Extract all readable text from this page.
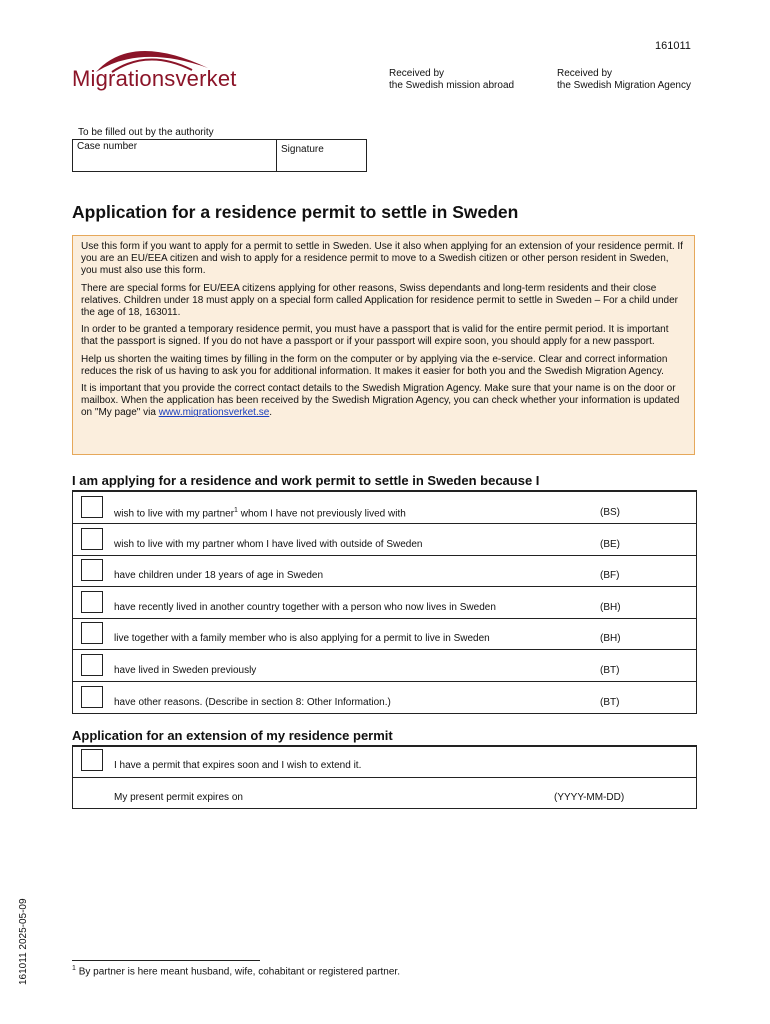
161011
Migrationsverket	Received by
the Swedish mission abroad
Received by
the Swedish Migration Agency
To be filled out by the authority
Case number	Signature
Application for a residence permit to settle in Sweden

Use this form if you want to apply for a permit to settle in Sweden. Use it also when applying for an extension of your residence permit. If you are an EU/EEA citizen and wish to apply for a residence permit to move to a Swedish citizen or other person resident in Sweden, you must also use this form.

There are special forms for EU/EEA citizens applying for other reasons, Swiss dependants and long-term residents and their close relatives. Children under 18 must apply on a special form called Application for residence permit to settle in Sweden – For a child under the age of 18, 163011.

In order to be granted a temporary residence permit, you must have a passport that is valid for the entire permit period. It is important that the passport is signed. If you do not have a passport or if your passport will expire soon, you should apply for a new passport.

Help us shorten the waiting times by filling in the form on the computer or by applying via the e-service. Clear and correct information reduces the risk of us having to ask you for additional information. It makes it easier for both you and the Swedish Migration Agency.

It is important that you provide the correct contact details to the Swedish Migration Agency. Make sure that your name is on the door or mailbox. When the application has been received by the Swedish Migration Agency, you can check whether your information is updated on "My page" via www.migrationsverket.se.

I am applying for a residence and work permit to settle in Sweden because I
wish to live with my partner$^1$ whom I have not previously lived with	(BS)
wish to live with my partner whom I have lived with outside of Sweden	(BE)
have children under 18 years of age in Sweden	(BF)
have recently lived in another country together with a person who now lives in Sweden	(BH)
live together with a family member who is also applying for a permit to live in Sweden	(BH)
have lived in Sweden previously	(BT)
have other reasons. (Describe in section 8: Other Information.)	(BT)
Application for an extension of my residence permit
I have a permit that expires soon and I wish to extend it.
My present permit expires on	(YYYY-MM-DD)
161011 2025-05-09	$^1$ By partner is here meant husband, wife, cohabitant or registered partner.
